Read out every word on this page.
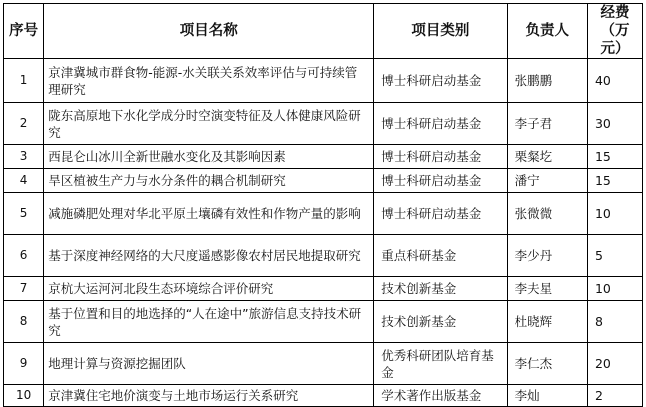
序号	项目名称	项目类别	负责人	经费
（万元）

1	京津冀城市群食物-能源-水关联关系效率评估与可持续管理研究	博士科研启动基金	张鹏鹏	40
2	陇东高原地下水化学成分时空演变特征及人体健康风险研究	博士科研启动基金	李子君	30
3	西昆仑山冰川全新世融水变化及其影响因素	博士科研启动基金	栗粲圪	15
4	旱区植被生产力与水分条件的耦合机制研究	博士科研启动基金	潘宁	15
5	减施磷肥处理对华北平原土壤磷有效性和作物产量的影响	博士科研启动基金	张微微	10
6	基于深度神经网络的大尺度遥感影像农村居民地提取研究	重点科研基金	李少丹	5
7	京杭大运河河北段生态环境综合评价研究	技术创新基金	李夫星	10
8	基于位置和目的地选择的“人在途中”旅游信息支持技术研究	技术创新基金	杜晓辉	8
9	地理计算与资源挖掘团队	优秀科研团队培育基金	李仁杰	20
10	京津冀住宅地价演变与土地市场运行关系研究	学术著作出版基金	李灿	2
